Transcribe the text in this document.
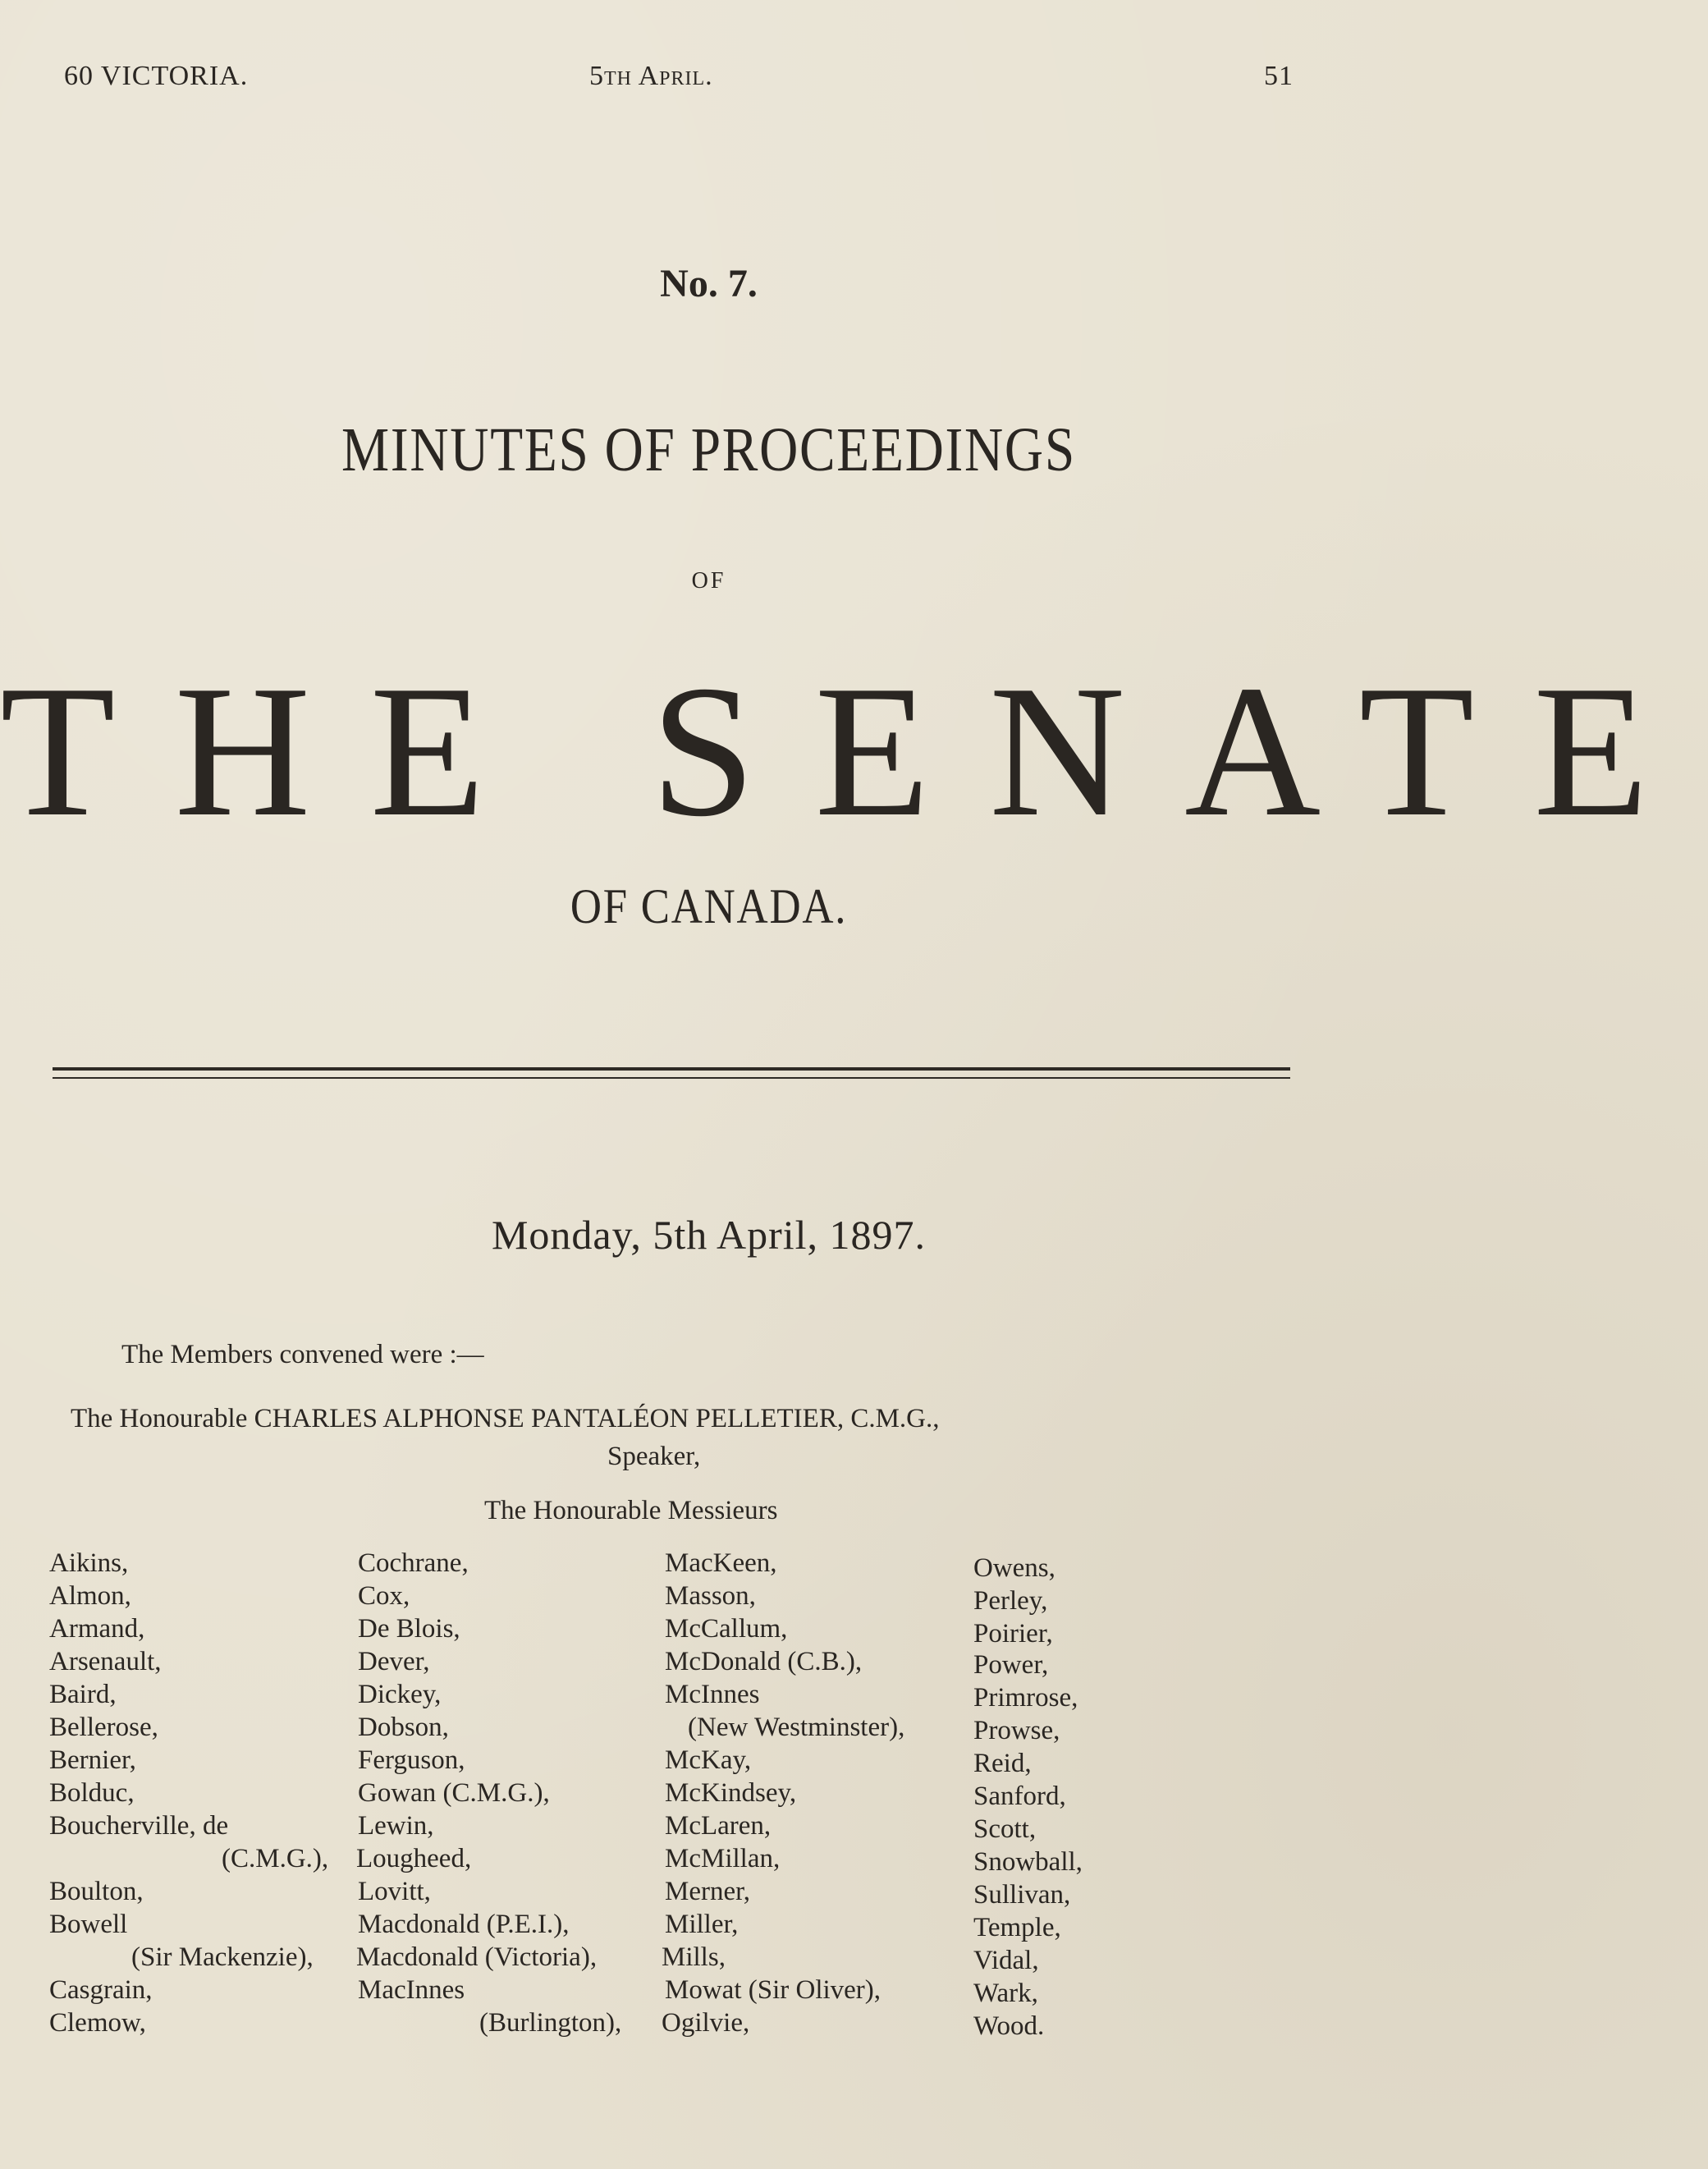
60 VICTORIA.	5th April.	51
No. 7.
MINUTES OF PROCEEDINGS
OF
THE SENATE
OF CANADA.
Monday, 5th April, 1897.
The Members convened were :—
The Honourable CHARLES ALPHONSE PANTALÉON PELLETIER, C.M.G.,
Speaker,
The Honourable Messieurs
Aikins,
Almon,
Armand,
Arsenault,
Baird,
Bellerose,
Bernier,
Bolduc,
Boucherville, de
(C.M.G.),
Boulton,
Bowell
(Sir Mackenzie),
Casgrain,
Clemow,
Cochrane,
Cox,
De Blois,
Dever,
Dickey,
Dobson,
Ferguson,
Gowan (C.M.G.),
Lewin,
Lougheed,
Lovitt,
Macdonald (P.E.I.),
Macdonald (Victoria),
MacInnes
(Burlington),
MacKeen,
Masson,
McCallum,
McDonald (C.B.),
McInnes
(New Westminster),
McKay,
McKindsey,
McLaren,
McMillan,
Merner,
Miller,
Mills,
Mowat (Sir Oliver),
Ogilvie,
Owens,
Perley,
Poirier,
Power,
Primrose,
Prowse,
Reid,
Sanford,
Scott,
Snowball,
Sullivan,
Temple,
Vidal,
Wark,
Wood.
